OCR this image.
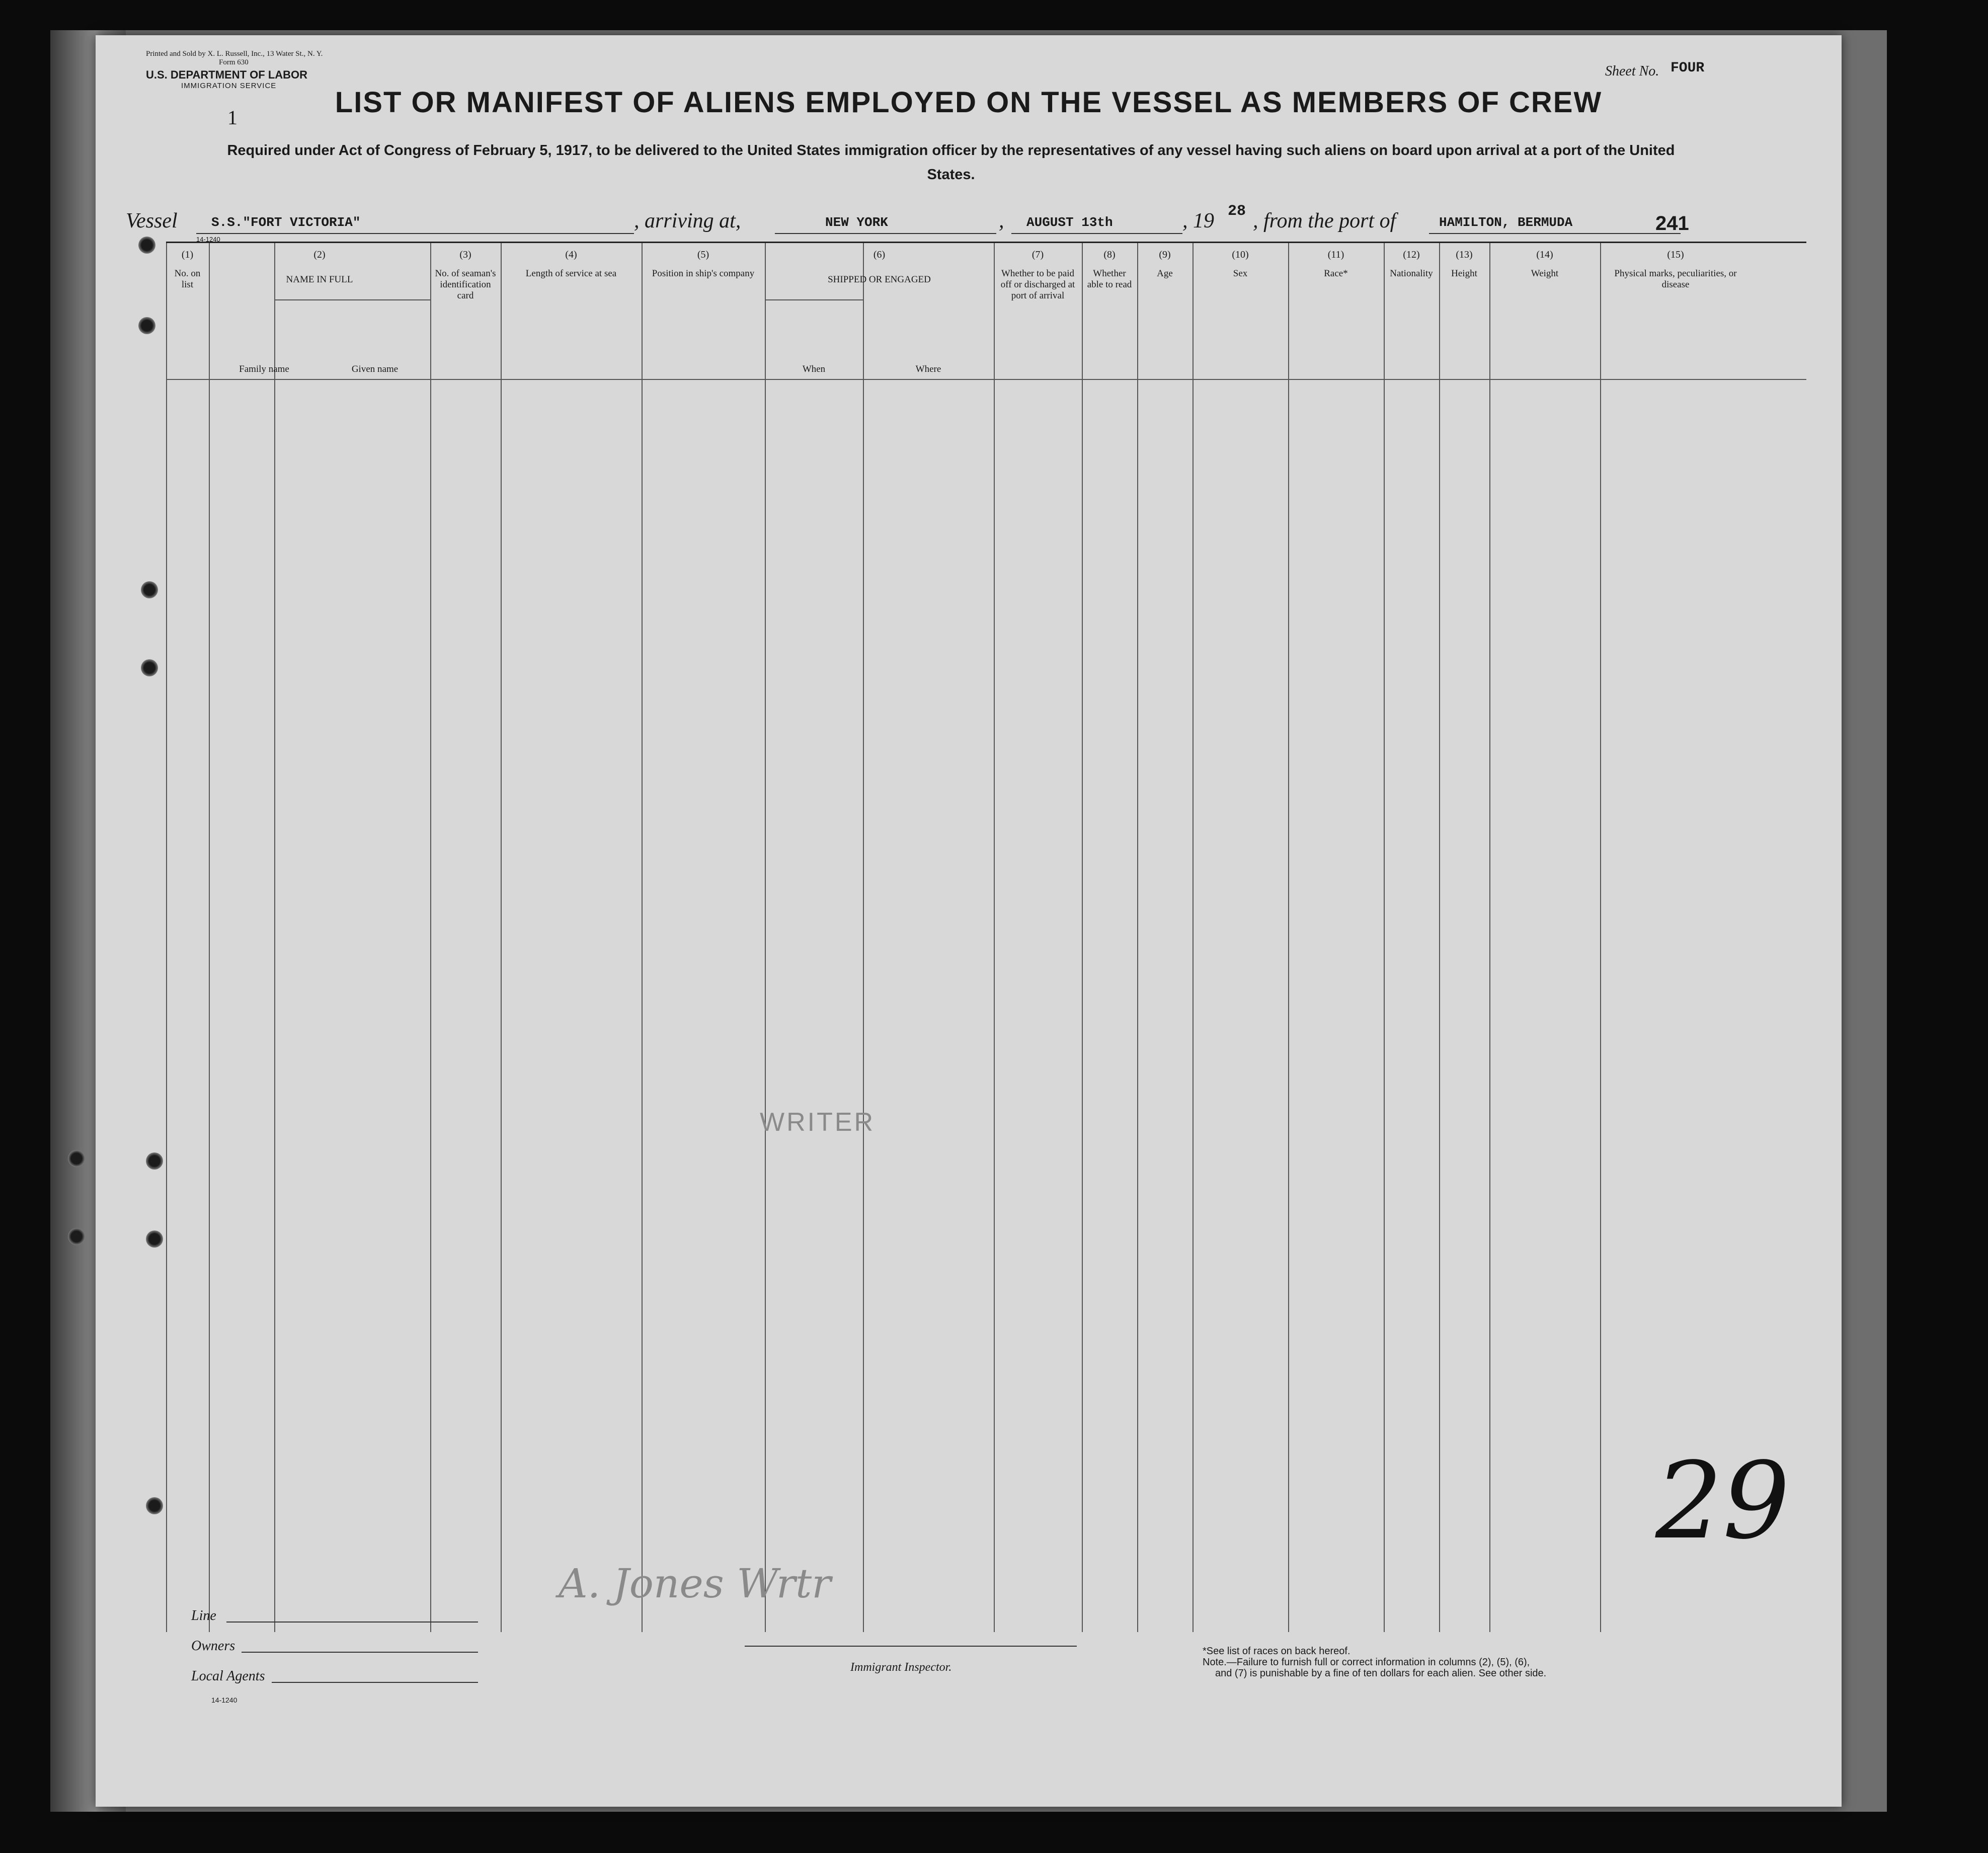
Printed and Sold by X. L. Russell, Inc., 13 Water St., N. Y.
Form 630
U.S. DEPARTMENT OF LABOR
IMMIGRATION SERVICE
1
Sheet No. FOUR
LIST OR MANIFEST OF ALIENS EMPLOYED ON THE VESSEL AS MEMBERS OF CREW
Required under Act of Congress of February 5, 1917, to be delivered to the United States immigration officer by the representatives of any vessel having such aliens on board upon arrival at a port of the United States.
Vessel	S.S."FORT VICTORIA"	, arriving at,	NEW YORK	, AUGUST 13th	, 19 28 , from the port of	HAMILTON, BERMUDA	241
14-1240
(1)
No. on list
(2)
NAME IN FULL
(3)
No. of seaman's identification card
(4)
Length of service at sea
(5)
Position in ship's company
(6)
SHIPPED OR ENGAGED
(7)
Whether to be paid off or discharged at port of arrival
(8)
Whether able to read
(9)
Age
(10)
Sex
(11)
Race*
(12)
Nationality
(13)
Height
(14)
Weight
(15)
Physical marks, peculiarities, or disease
Family name	Given name	When	Where
WRITER
29
A. Jones Wrtr
Line
Owners
Local Agents
14-1240
Immigrant Inspector.
*See list of races on back hereof.
Note.—Failure to furnish full or correct information in columns (2), (5), (6),
and (7) is punishable by a fine of ten dollars for each alien. See other side.
